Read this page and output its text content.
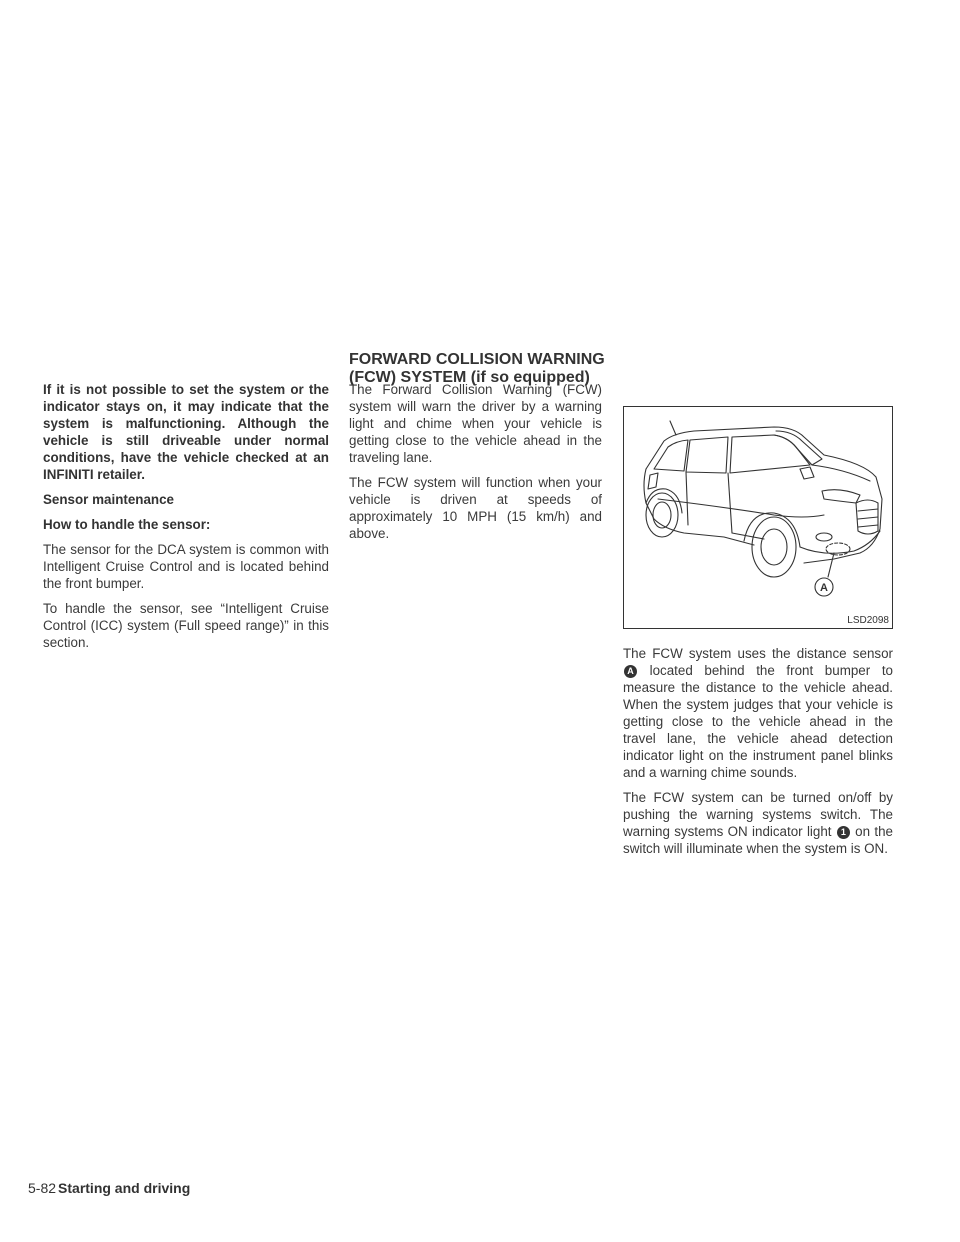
If it is not possible to set the system or the indicator stays on, it may indicate that the system is malfunctioning. Although the vehicle is still driveable under normal conditions, have the vehicle checked at an INFINITI retailer.

Sensor maintenance

How to handle the sensor:

The sensor for the DCA system is common with Intelligent Cruise Control and is located behind the front bumper.

To handle the sensor, see “Intelligent Cruise Control (ICC) system (Full speed range)” in this section.

FORWARD COLLISION WARNING
(FCW) SYSTEM (if so equipped)

The Forward Collision Warning (FCW) system will warn the driver by a warning light and chime when your vehicle is getting close to the vehicle ahead in the traveling lane.

The FCW system will function when your vehicle is driven at speeds of approximately 10 MPH (15 km/h) and above.

A
LSD2098

The FCW system uses the distance sensor A located behind the front bumper to measure the distance to the vehicle ahead. When the system judges that your vehicle is getting close to the vehicle ahead in the travel lane, the vehicle ahead detection indicator light on the instrument panel blinks and a warning chime sounds.

The FCW system can be turned on/off by pushing the warning systems switch. The warning systems ON indicator light 1 on the switch will illuminate when the system is ON.

5-82 Starting and driving
